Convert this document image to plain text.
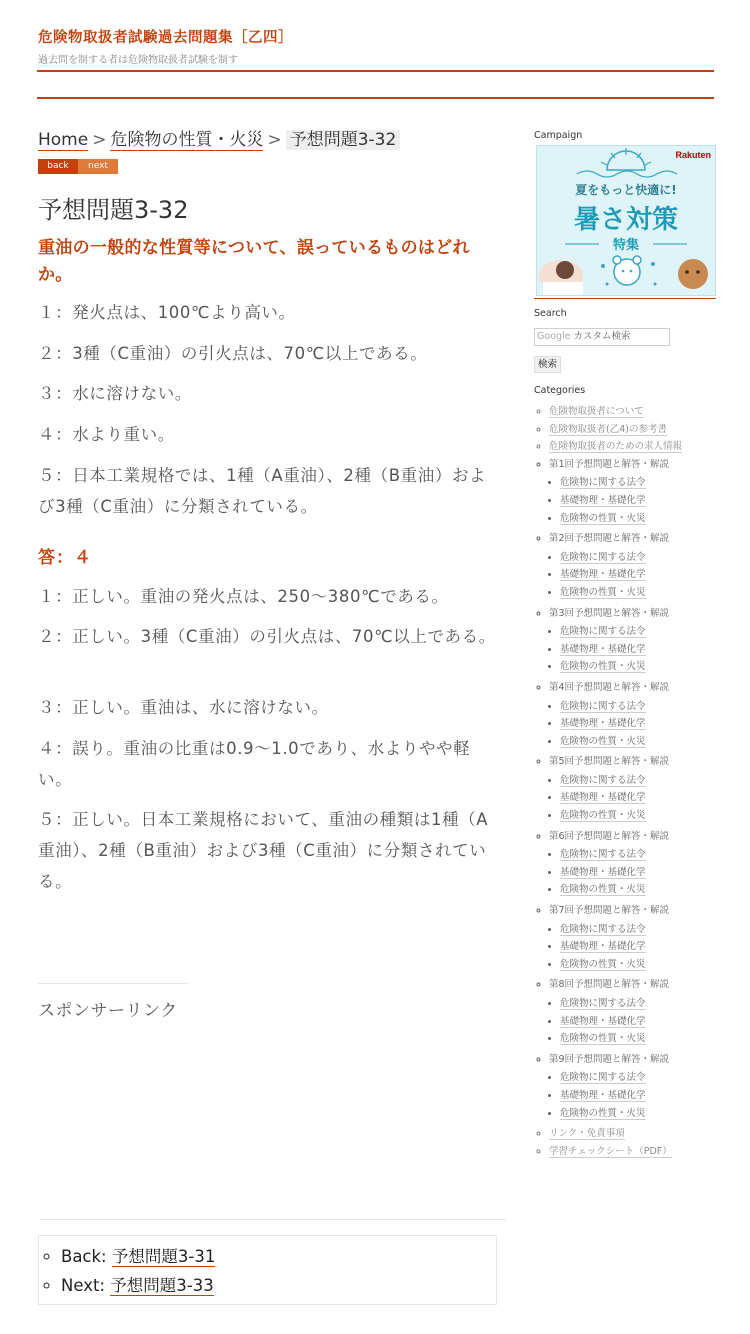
危険物取扱者試験過去問題集［乙四］
過去問を制する者は危険物取扱者試験を制す
Home > 危険物の性質・火災 > 予想問題3-32
back	next
予想問題3-32
重油の一般的な性質等について、誤っているものはどれか。
１：発火点は、100℃より高い。
２：3種（C重油）の引火点は、70℃以上である。
３：水に溶けない。
４：水より重い。
５：日本工業規格では、1種（A重油）、2種（B重油）および3種（C重油）に分類されている。
答：４
１：正しい。重油の発火点は、250～380℃である。
２：正しい。3種（C重油）の引火点は、70℃以上である。
３：正しい。重油は、水に溶けない。
４：誤り。重油の比重は0.9～1.0であり、水よりやや軽い。
５：正しい。日本工業規格において、重油の種類は1種（A重油）、2種（B重油）および3種（C重油）に分類されている。
スポンサーリンク
◦ Back: 予想問題3-31
◦ Next: 予想問題3-33
Campaign
Rakuten
夏をもっと快適に!
暑さ対策
特集
Search
Google カスタム検索
検索
Categories
◦ 危険物取扱者について
◦ 危険物取扱者(乙4)の参考書
◦ 危険物取扱者のための求人情報
◦ 第1回予想問題と解答・解説
• 危険物に関する法令
• 基礎物理・基礎化学
• 危険物の性質・火災
◦ 第2回予想問題と解答・解説
• 危険物に関する法令
• 基礎物理・基礎化学
• 危険物の性質・火災
◦ 第3回予想問題と解答・解説
• 危険物に関する法令
• 基礎物理・基礎化学
• 危険物の性質・火災
◦ 第4回予想問題と解答・解説
• 危険物に関する法令
• 基礎物理・基礎化学
• 危険物の性質・火災
◦ 第5回予想問題と解答・解説
• 危険物に関する法令
• 基礎物理・基礎化学
• 危険物の性質・火災
◦ 第6回予想問題と解答・解説
• 危険物に関する法令
• 基礎物理・基礎化学
• 危険物の性質・火災
◦ 第7回予想問題と解答・解説
• 危険物に関する法令
• 基礎物理・基礎化学
• 危険物の性質・火災
◦ 第8回予想問題と解答・解説
• 危険物に関する法令
• 基礎物理・基礎化学
• 危険物の性質・火災
◦ 第9回予想問題と解答・解説
• 危険物に関する法令
• 基礎物理・基礎化学
• 危険物の性質・火災
◦ リンク・免責事項
◦ 学習チェックシート（PDF）
